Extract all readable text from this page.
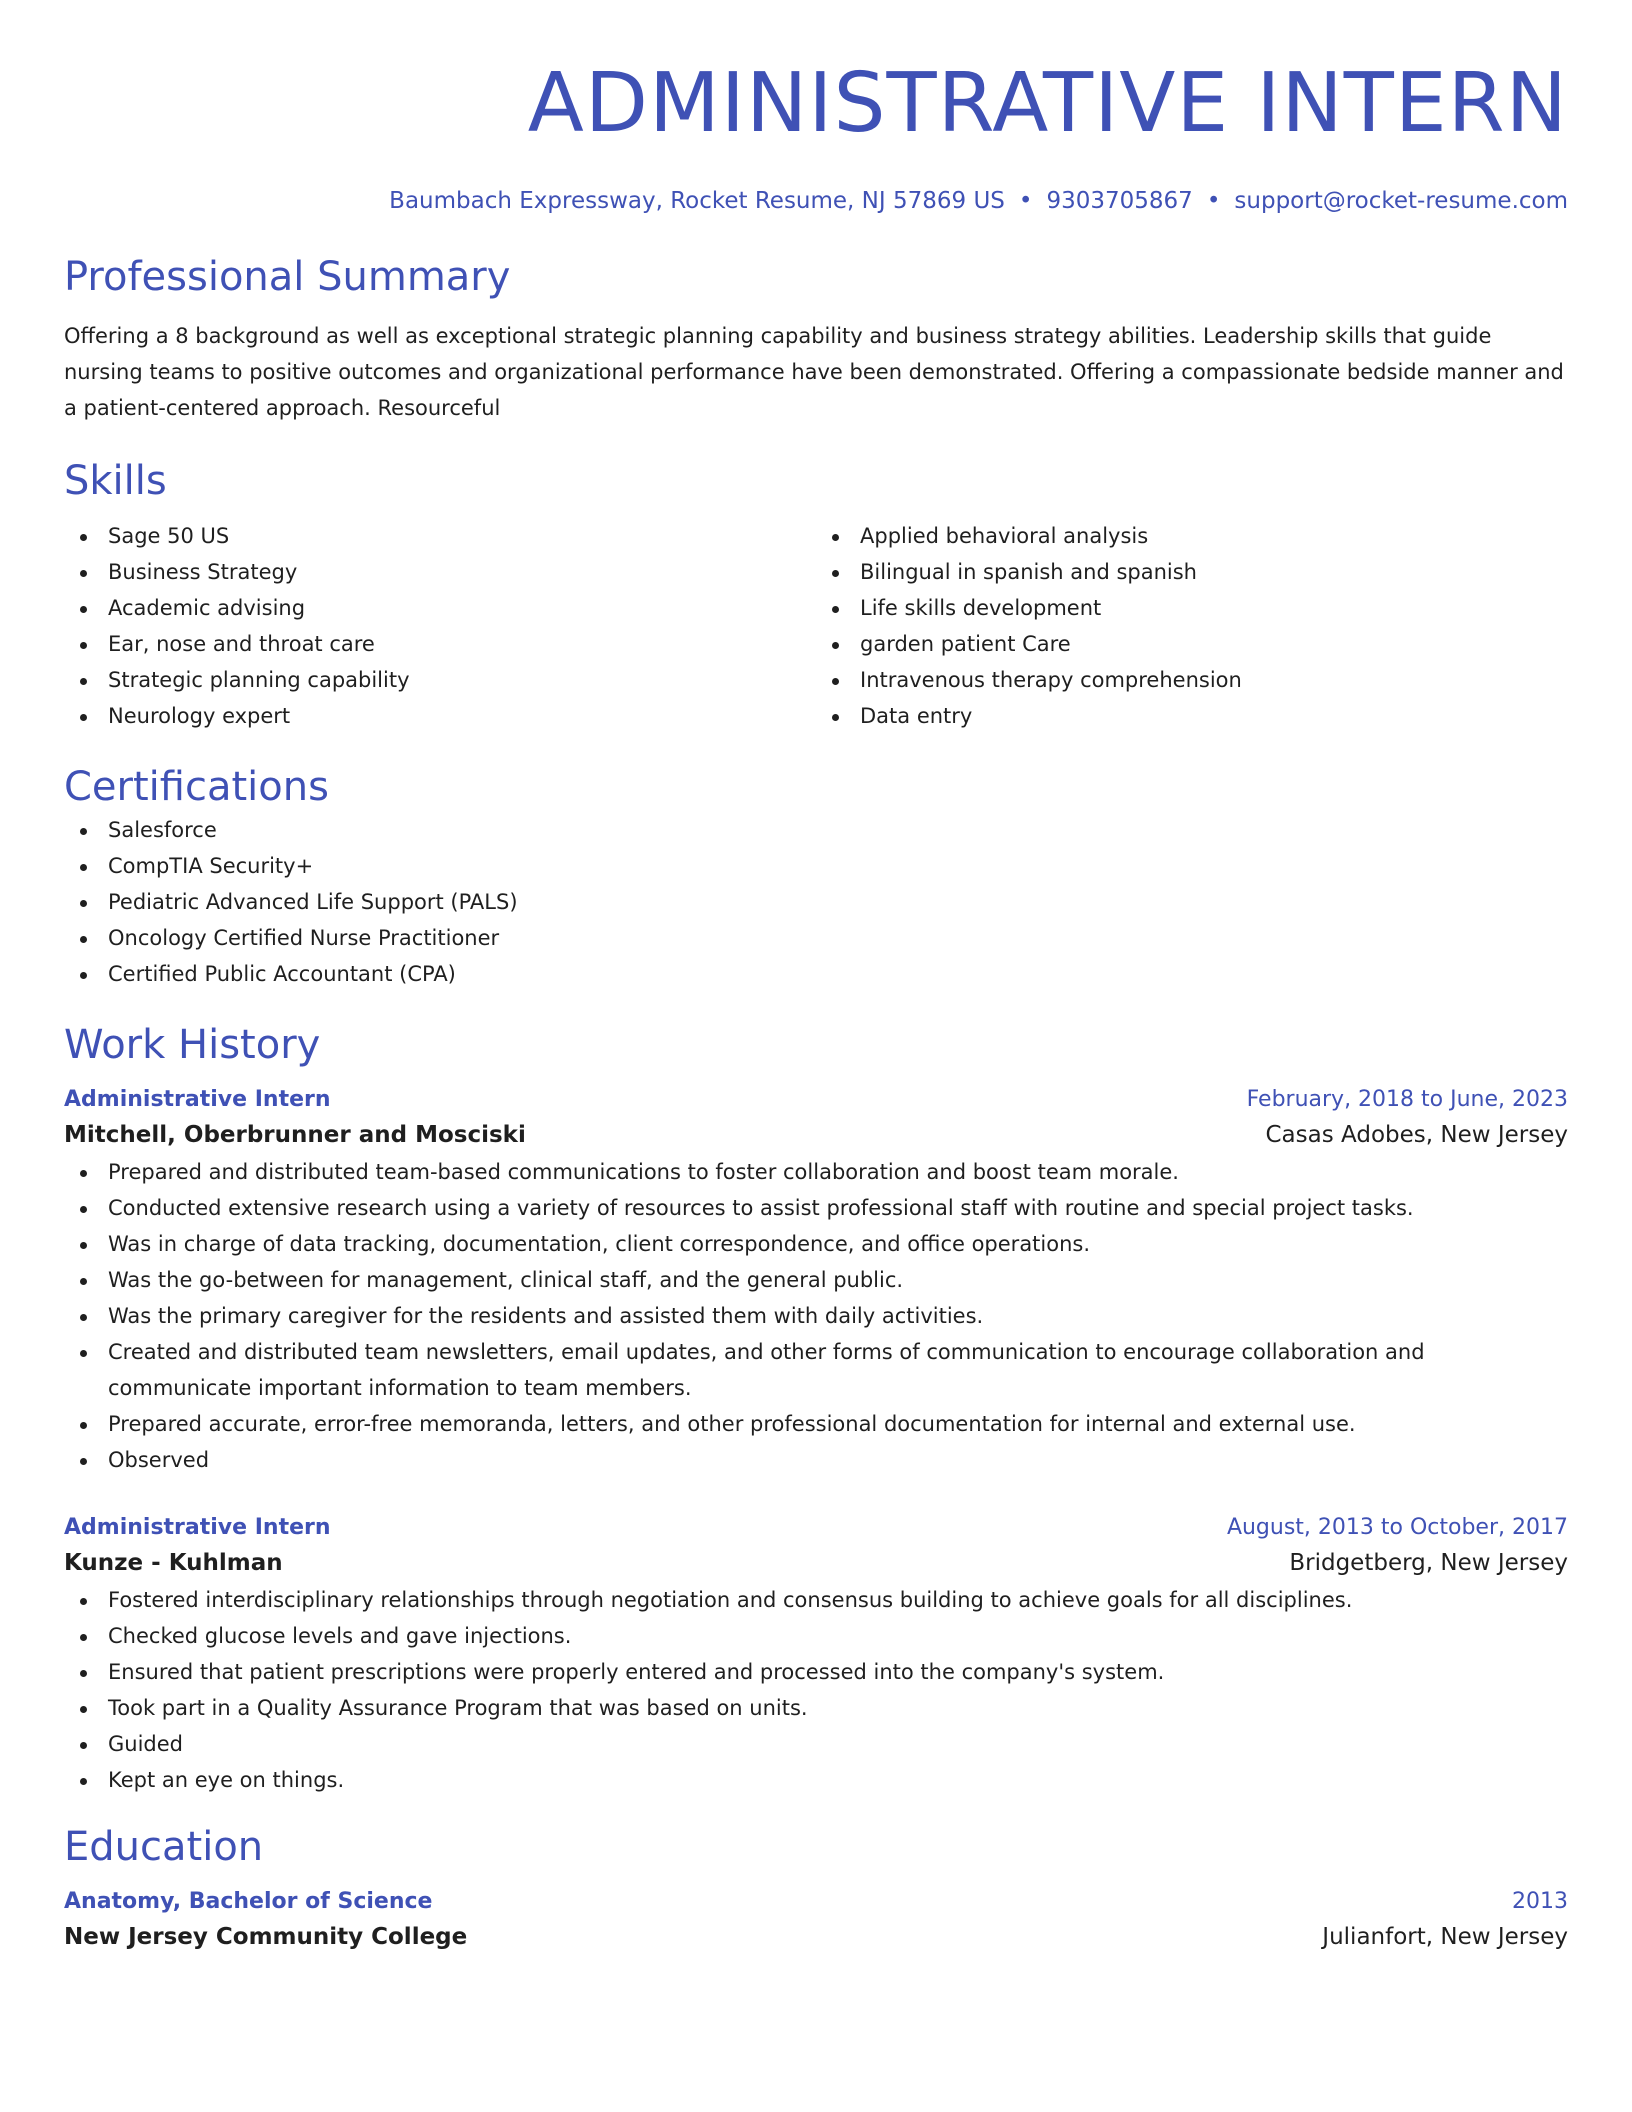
ADMINISTRATIVE INTERN
Baumbach Expressway, Rocket Resume, NJ 57869 US • 9303705867 • support@rocket-resume.com
Professional Summary
Offering a 8 background as well as exceptional strategic planning capability and business strategy abilities. Leadership skills that guide nursing teams to positive outcomes and organizational performance have been demonstrated. Offering a compassionate bedside manner and a patient-centered approach. Resourceful
Skills
Sage 50 US
Business Strategy
Academic advising
Ear, nose and throat care
Strategic planning capability
Neurology expert
Applied behavioral analysis
Bilingual in spanish and spanish
Life skills development
garden patient Care
Intravenous therapy comprehension
Data entry
Certifications
Salesforce
CompTIA Security+
Pediatric Advanced Life Support (PALS)
Oncology Certified Nurse Practitioner
Certified Public Accountant (CPA)
Work History
Administrative Intern	February, 2018 to June, 2023
Mitchell, Oberbrunner and Mosciski	Casas Adobes, New Jersey
Prepared and distributed team-based communications to foster collaboration and boost team morale.
Conducted extensive research using a variety of resources to assist professional staff with routine and special project tasks.
Was in charge of data tracking, documentation, client correspondence, and office operations.
Was the go-between for management, clinical staff, and the general public.
Was the primary caregiver for the residents and assisted them with daily activities.
Created and distributed team newsletters, email updates, and other forms of communication to encourage collaboration and communicate important information to team members.
Prepared accurate, error-free memoranda, letters, and other professional documentation for internal and external use.
Observed
Administrative Intern	August, 2013 to October, 2017
Kunze - Kuhlman	Bridgetberg, New Jersey
Fostered interdisciplinary relationships through negotiation and consensus building to achieve goals for all disciplines.
Checked glucose levels and gave injections.
Ensured that patient prescriptions were properly entered and processed into the company's system.
Took part in a Quality Assurance Program that was based on units.
Guided
Kept an eye on things.
Education
Anatomy, Bachelor of Science	2013
New Jersey Community College	Julianfort, New Jersey
